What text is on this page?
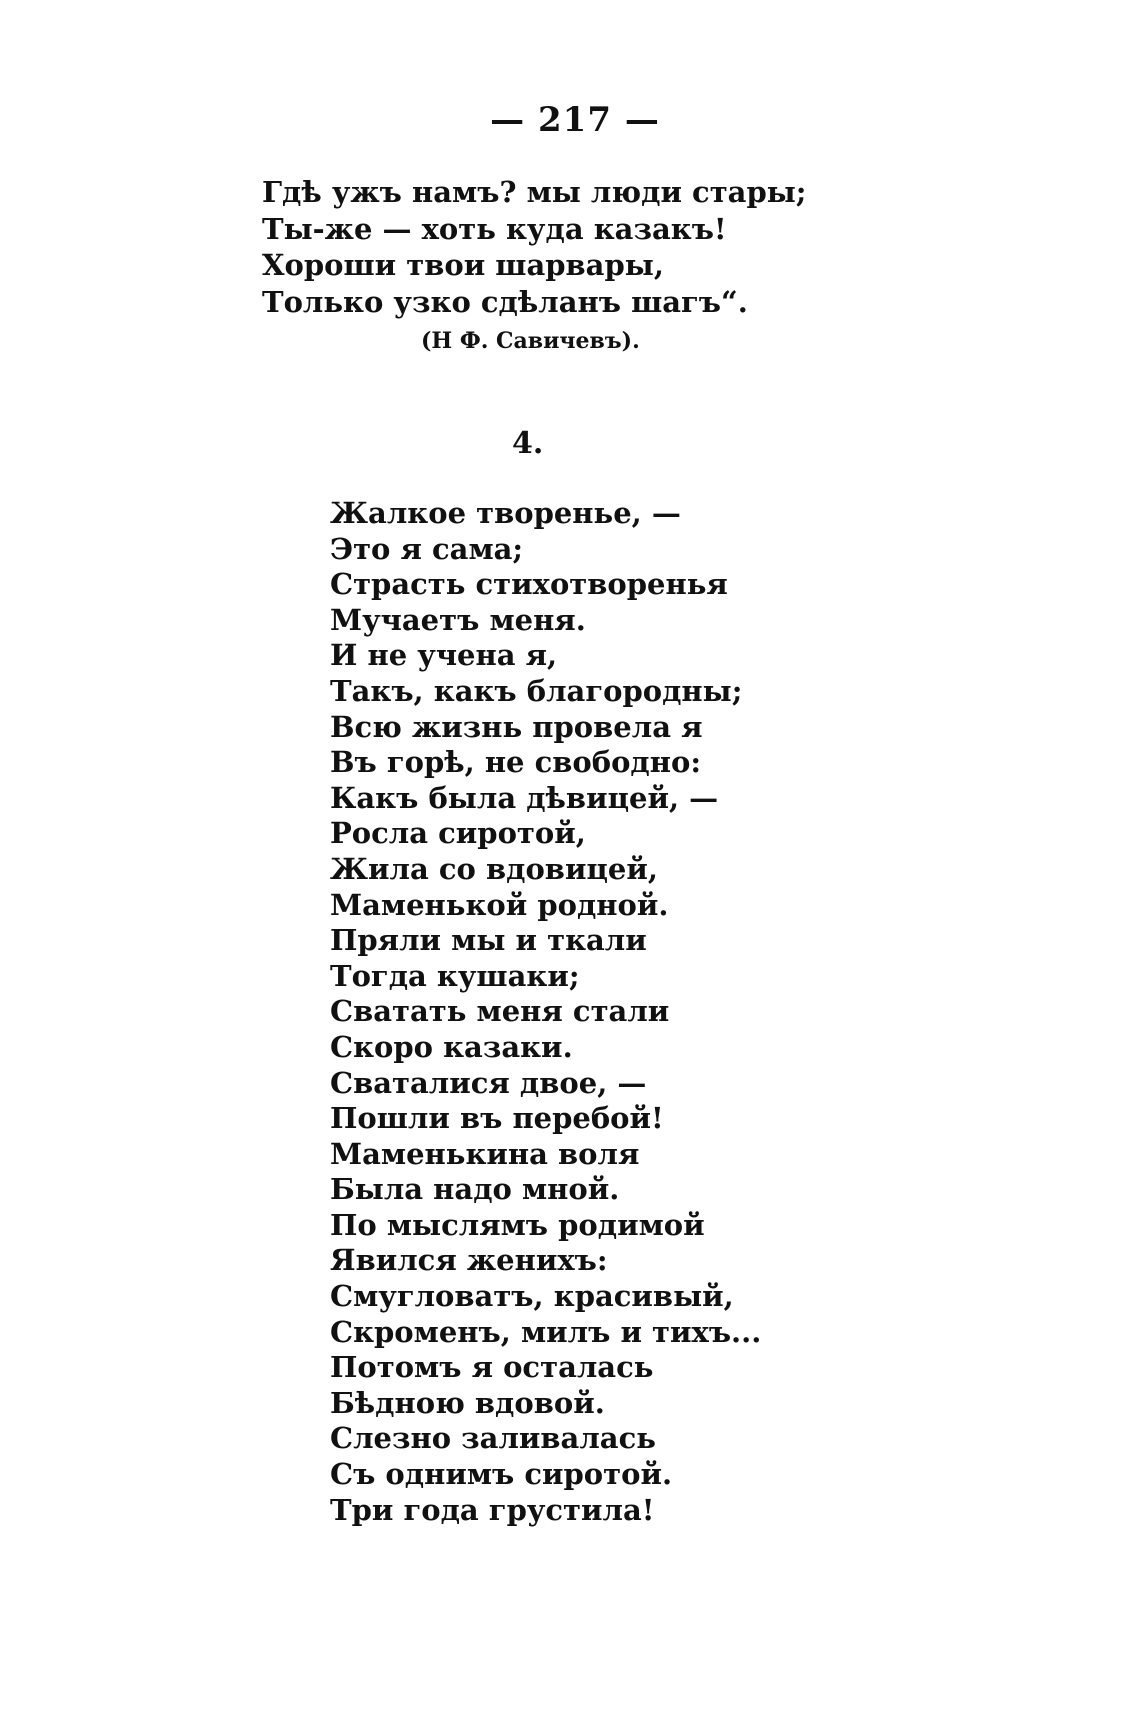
— 217 —
Гдѣ ужъ намъ? мы люди стары;
Ты-же — хоть куда казакъ!
Хороши твои шарвары,
Только узко сдѣланъ шагъ“.
(Н Ф. Савичевъ).
4.
Жалкое творенье, —
Это я сама;
Страсть стихотворенья
Мучаетъ меня.
И не учена я,
Такъ, какъ благородны;
Всю жизнь провела я
Въ горѣ, не свободно:
Какъ была дѣвицей, —
Росла сиротой,
Жила со вдовицей,
Маменькой родной.
Пряли мы и ткали
Тогда кушаки;
Сватать меня стали
Скоро казаки.
Сваталися двое, —
Пошли въ перебой!
Маменькина воля
Была надо мной.
По мыслямъ родимой
Явился женихъ:
Смугловатъ, красивый,
Скроменъ, милъ и тихъ...
Потомъ я осталась
Бѣдною вдовой.
Слезно заливалась
Съ однимъ сиротой.
Три года грустила!
